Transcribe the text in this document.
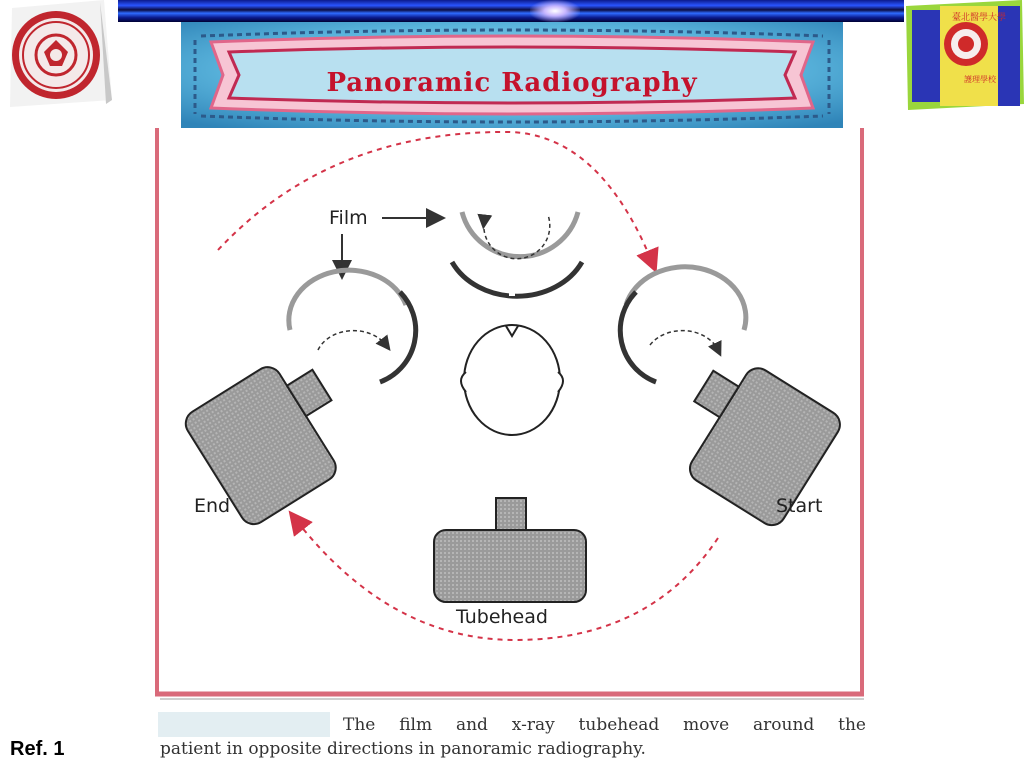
臺北醫學大學
護理學校
Panoramic Radiography
Film
End	Start
Tubehead
The film and x-ray tubehead move around the
patient in opposite directions in panoramic radiography.
Ref. 1
